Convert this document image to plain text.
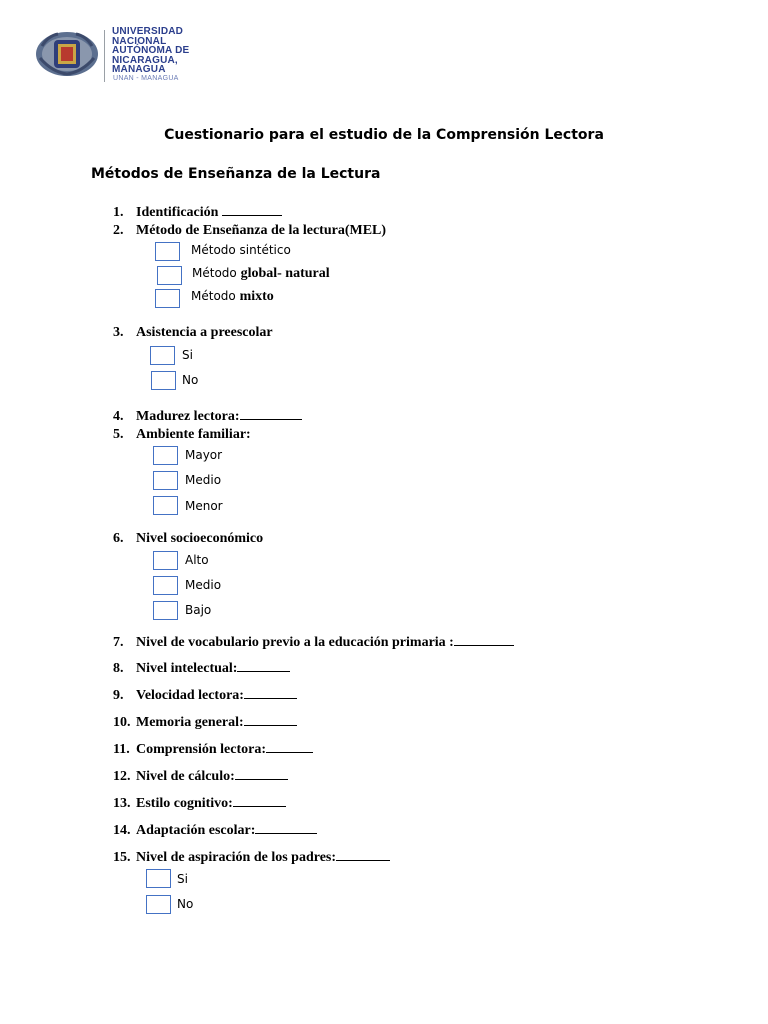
UNIVERSIDAD
NACIONAL
AUTÓNOMA DE
NICARAGUA,
MANAGUA
UNAN - MANAGUA
Cuestionario para el estudio de la Comprensión Lectora
Métodos de Enseñanza de la Lectura
1. Identificación
2. Método de Enseñanza de la lectura(MEL)
Método sintético
Método global- natural
Método mixto
3. Asistencia a preescolar
Si
No
4. Madurez lectora:
5. Ambiente familiar:
Mayor
Medio
Menor
6. Nivel socioeconómico
Alto
Medio
Bajo
7. Nivel de vocabulario previo a la educación primaria :
8. Nivel intelectual:
9. Velocidad lectora:
10. Memoria general:
11. Comprensión lectora:
12. Nivel de cálculo:
13. Estilo cognitivo:
14. Adaptación escolar:
15. Nivel de aspiración de los padres:
Si
No
